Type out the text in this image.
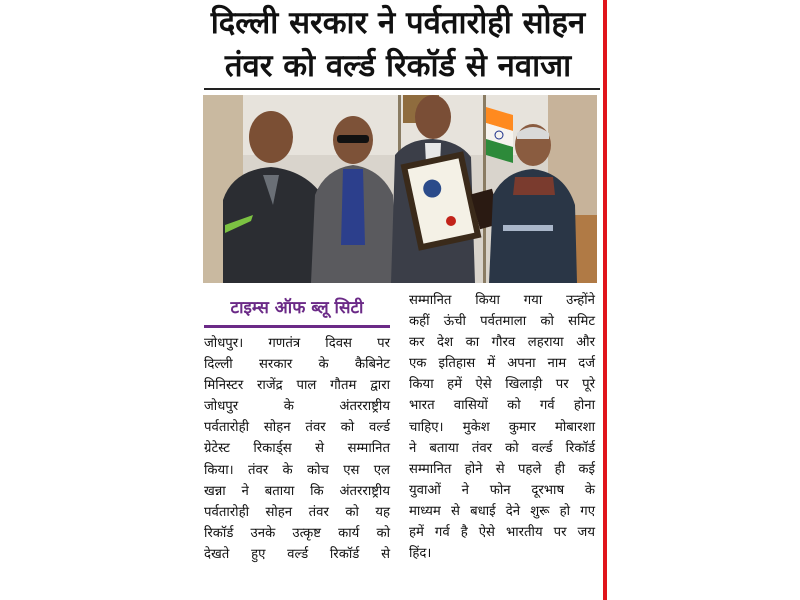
दिल्ली सरकार ने पर्वतारोही सोहन
तंवर को वर्ल्ड रिकॉर्ड से नवाजा
टाइम्स ऑफ ब्लू सिटी
जोधपुर। गणतंत्र दिवस पर
दिल्ली सरकार के कैबिनेट
मिनिस्टर राजेंद्र पाल गौतम द्वारा
जोधपुर के अंतरराष्ट्रीय
पर्वतारोही सोहन तंवर को वर्ल्ड
ग्रेटेस्ट रिकार्ड्स से सम्मानित
किया। तंवर के कोच एस एल
खन्ना ने बताया कि अंतरराष्ट्रीय
पर्वतारोही सोहन तंवर को यह
रिकॉर्ड उनके उत्कृष्ट कार्य को
देखते हुए वर्ल्ड रिकॉर्ड से
सम्मानित किया गया उन्होंने
कहीं ऊंची पर्वतमाला को समिट
कर देश का गौरव लहराया और
एक इतिहास में अपना नाम दर्ज
किया हमें ऐसे खिलाड़ी पर पूरे
भारत वासियों को गर्व होना
चाहिए। मुकेश कुमार मोबारशा
ने बताया तंवर को वर्ल्ड रिकॉर्ड
सम्मानित होने से पहले ही कई
युवाओं ने फोन दूरभाष के
माध्यम से बधाई देने शुरू हो गए
हमें गर्व है ऐसे भारतीय पर जय
हिंद।
